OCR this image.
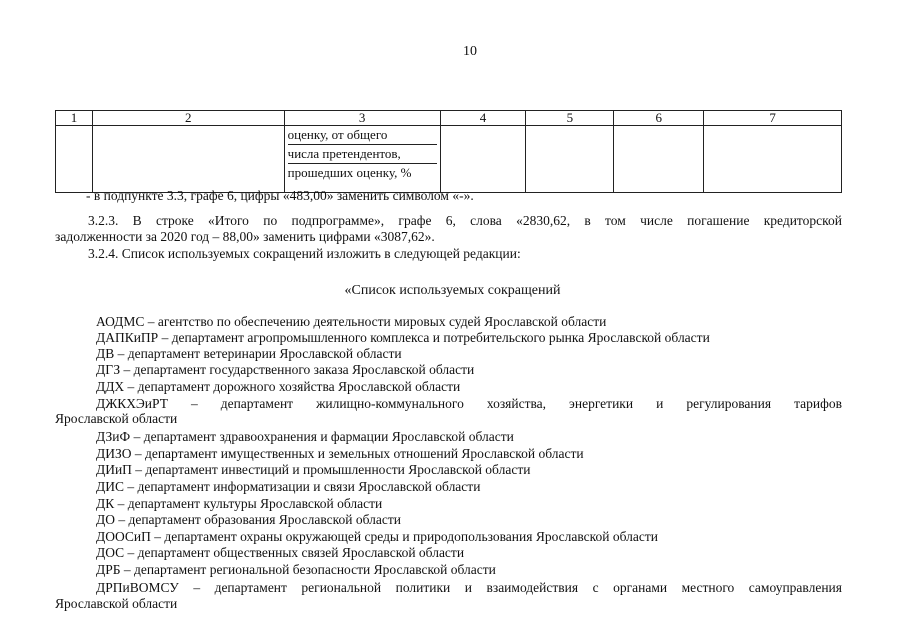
10
1	2	3	4	5	6	7

		оценку, от общего
числа претендентов,
прошедших оценку, %				

- в подпункте 3.3, графе 6, цифры «483,00» заменить символом «-».
3.2.3. В строке «Итого по подпрограмме», графе 6, слова «2830,62, в том числе погашение кредиторской
задолженности за 2020 год – 88,00» заменить цифрами «3087,62».
3.2.4. Список используемых сокращений изложить в следующей редакции:
«Список используемых сокращений
АОДМС – агентство по обеспечению деятельности мировых судей Ярославской области
ДАПКиПР – департамент агропромышленного комплекса и потребительского рынка Ярославской области
ДВ – департамент ветеринарии Ярославской области
ДГЗ – департамент государственного заказа Ярославской области
ДДХ – департамент дорожного хозяйства Ярославской области
ДЖКХЭиРТ – департамент жилищно-коммунального хозяйства, энергетики и регулирования тарифов
Ярославской области
ДЗиФ – департамент здравоохранения и фармации Ярославской области
ДИЗО – департамент имущественных и земельных отношений Ярославской области
ДИиП – департамент инвестиций и промышленности Ярославской области
ДИС – департамент информатизации и связи Ярославской области
ДК – департамент культуры Ярославской области
ДО – департамент образования Ярославской области
ДООСиП – департамент охраны окружающей среды и природопользования Ярославской области
ДОС – департамент общественных связей Ярославской области
ДРБ – департамент региональной безопасности Ярославской области
ДРПиВОМСУ – департамент региональной политики и взаимодействия с органами местного самоуправления
Ярославской области
